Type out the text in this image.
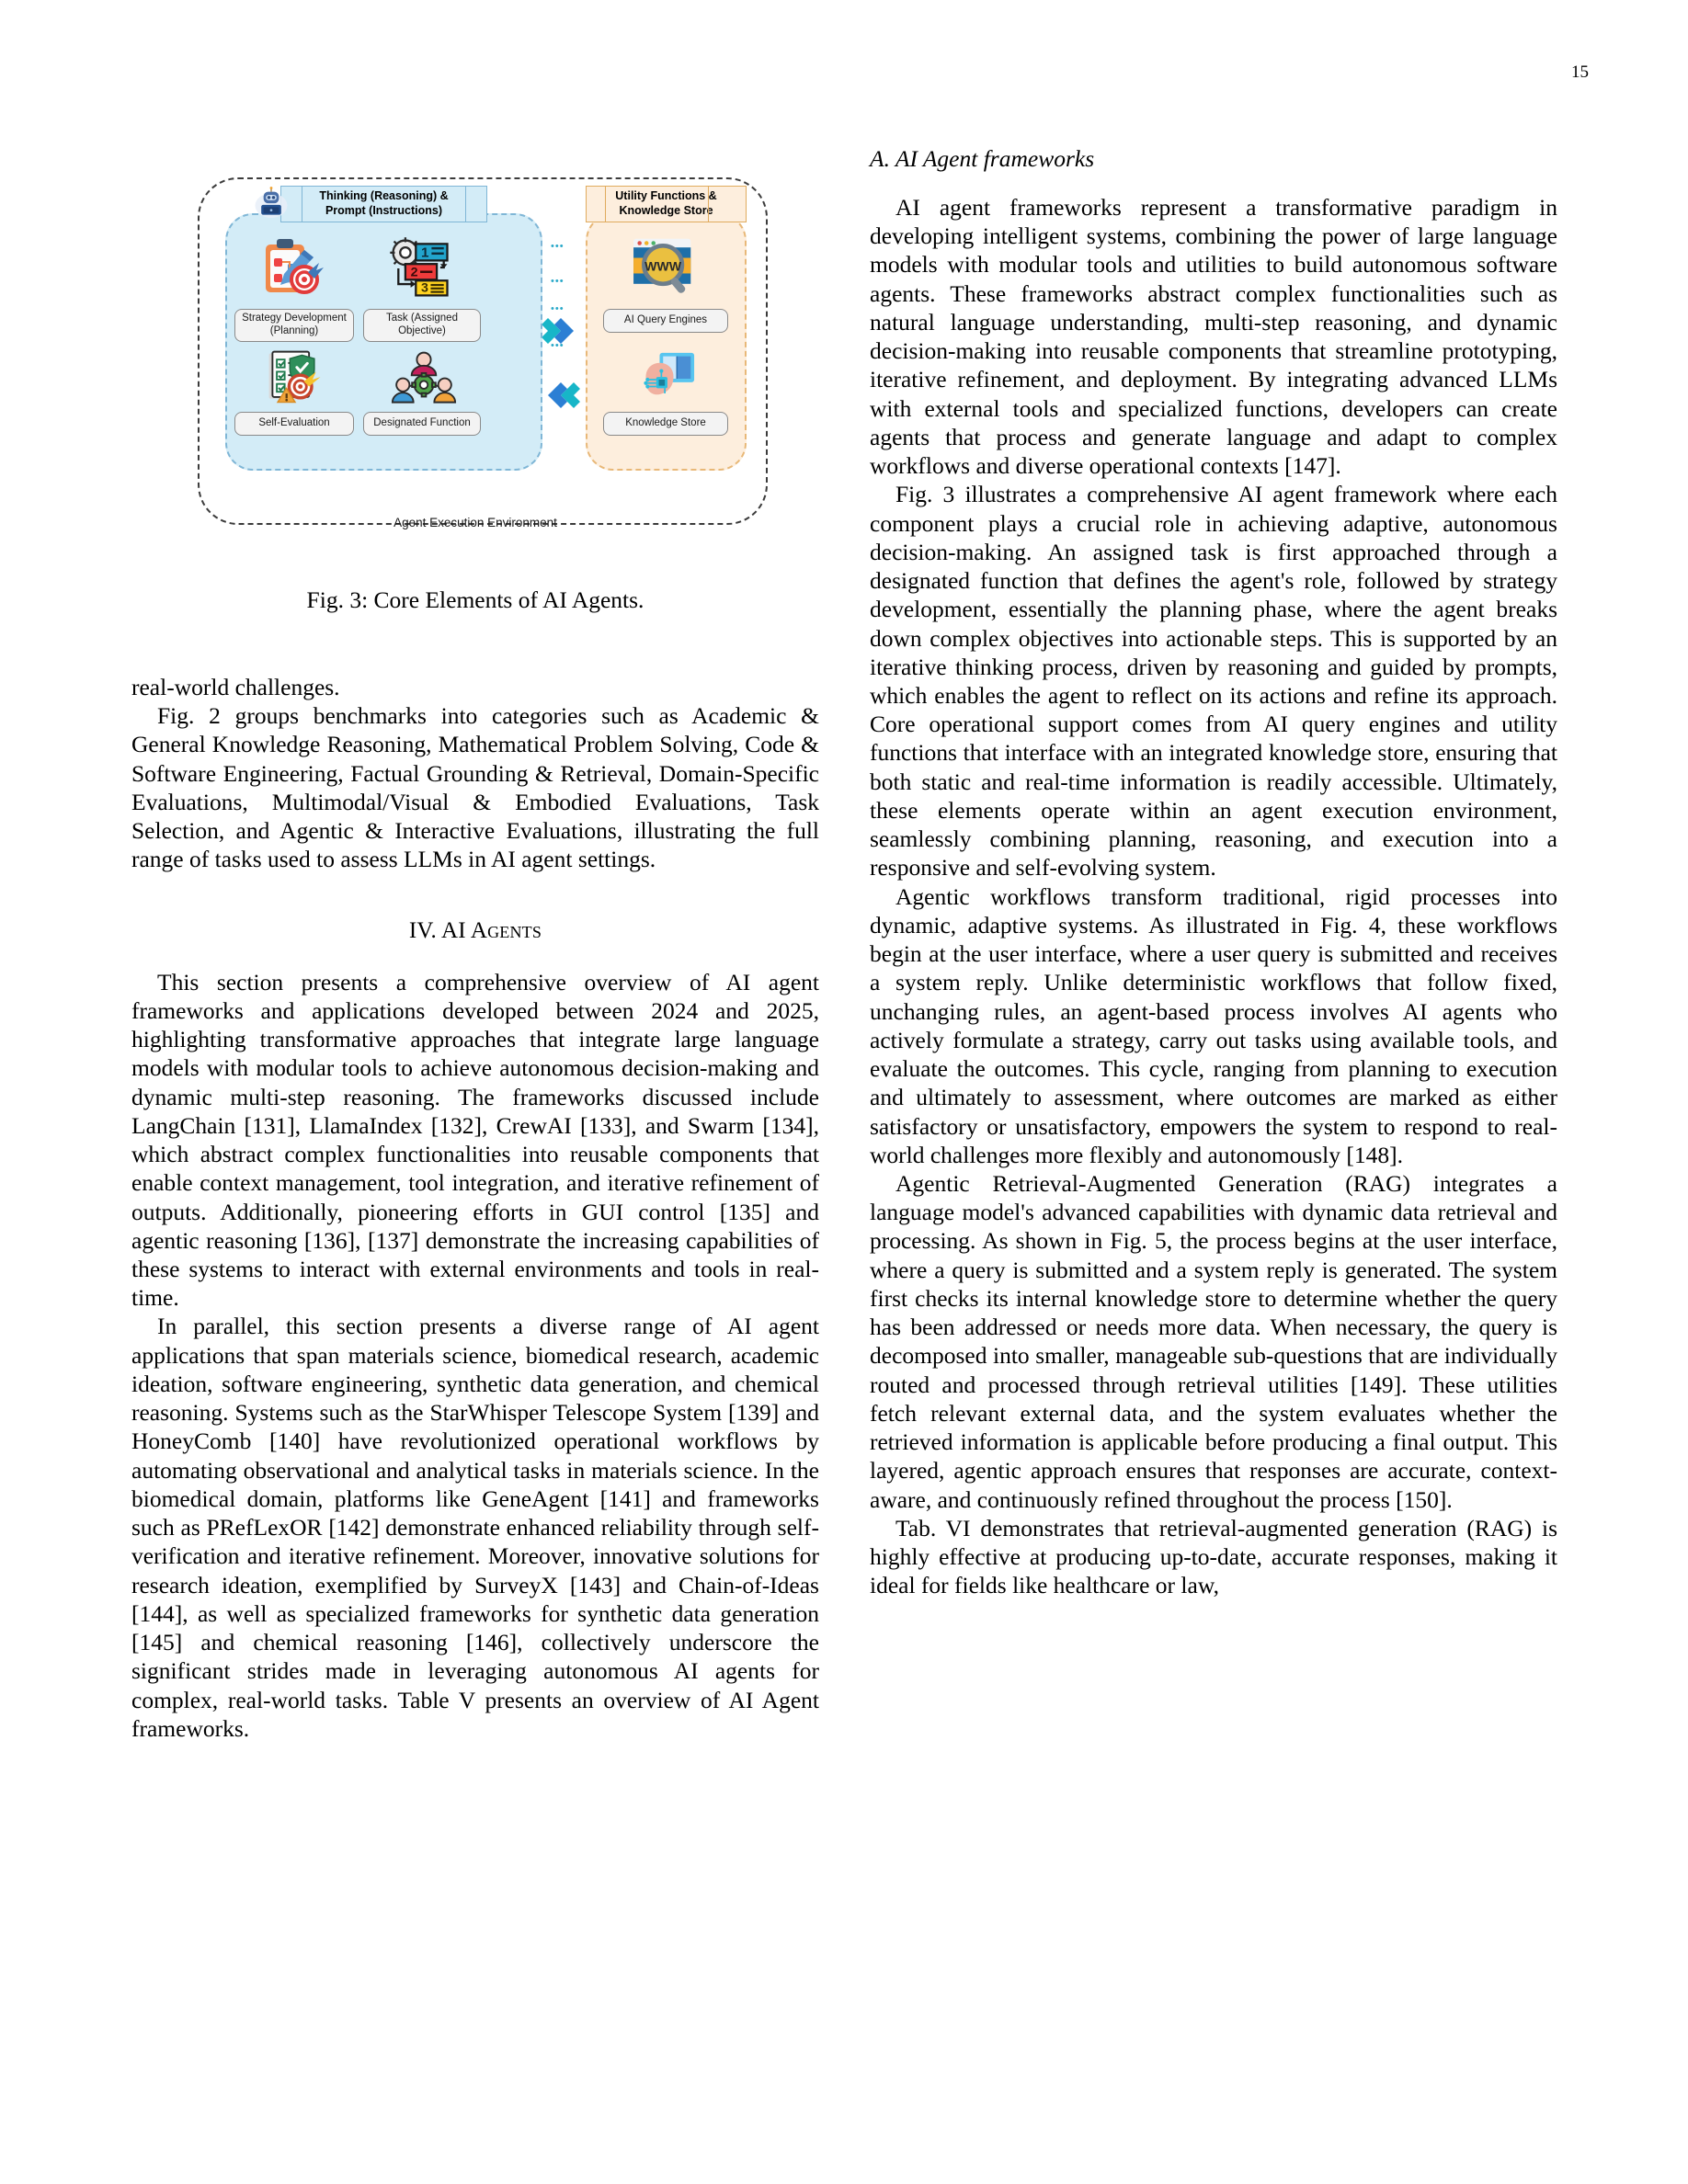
15
Agent Execution Environment
Thinking (Reasoning) &
Prompt (Instructions)
1
2
3
Strategy Development
(Planning)
Task (Assigned
Objective)
Self-Evaluation	Designated Function
•••
•••
•••
•••
Utility Functions &
Knowledge Store
WWW
AI Query Engines
Knowledge Store
Fig. 3: Core Elements of AI Agents.

real-world challenges.

Fig. 2 groups benchmarks into categories such as Academic & General Knowledge Reasoning, Mathematical Problem Solving, Code & Software Engineering, Factual Grounding & Retrieval, Domain-Specific Evaluations, Multimodal/Visual & Embodied Evaluations, Task Selection, and Agentic & Interactive Evaluations, illustrating the full range of tasks used to assess LLMs in AI agent settings.

IV. AI Agents

This section presents a comprehensive overview of AI agent frameworks and applications developed between 2024 and 2025, highlighting transformative approaches that integrate large language models with modular tools to achieve autonomous decision-making and dynamic multi-step reasoning. The frameworks discussed include LangChain [131], LlamaIndex [132], CrewAI [133], and Swarm [134], which abstract complex functionalities into reusable components that enable context management, tool integration, and iterative refinement of outputs. Additionally, pioneering efforts in GUI control [135] and agentic reasoning [136], [137] demonstrate the increasing capabilities of these systems to interact with external environments and tools in real-time.

In parallel, this section presents a diverse range of AI agent applications that span materials science, biomedical research, academic ideation, software engineering, synthetic data generation, and chemical reasoning. Systems such as the StarWhisper Telescope System [139] and HoneyComb [140] have revolutionized operational workflows by automating observational and analytical tasks in materials science. In the biomedical domain, platforms like GeneAgent [141] and frameworks such as PRefLexOR [142] demonstrate enhanced reliability through self-verification and iterative refinement. Moreover, innovative solutions for research ideation, exemplified by SurveyX [143] and Chain-of-Ideas [144], as well as specialized frameworks for synthetic data generation [145] and chemical reasoning [146], collectively underscore the significant strides made in leveraging autonomous AI agents for complex, real-world tasks. Table V presents an overview of AI Agent frameworks.

A. AI Agent frameworks

AI agent frameworks represent a transformative paradigm in developing intelligent systems, combining the power of large language models with modular tools and utilities to build autonomous software agents. These frameworks abstract complex functionalities such as natural language understanding, multi-step reasoning, and dynamic decision-making into reusable components that streamline prototyping, iterative refinement, and deployment. By integrating advanced LLMs with external tools and specialized functions, developers can create agents that process and generate language and adapt to complex workflows and diverse operational contexts [147].

Fig. 3 illustrates a comprehensive AI agent framework where each component plays a crucial role in achieving adaptive, autonomous decision-making. An assigned task is first approached through a designated function that defines the agent's role, followed by strategy development, essentially the planning phase, where the agent breaks down complex objectives into actionable steps. This is supported by an iterative thinking process, driven by reasoning and guided by prompts, which enables the agent to reflect on its actions and refine its approach. Core operational support comes from AI query engines and utility functions that interface with an integrated knowledge store, ensuring that both static and real-time information is readily accessible. Ultimately, these elements operate within an agent execution environment, seamlessly combining planning, reasoning, and execution into a responsive and self-evolving system.

Agentic workflows transform traditional, rigid processes into dynamic, adaptive systems. As illustrated in Fig. 4, these workflows begin at the user interface, where a user query is submitted and receives a system reply. Unlike deterministic workflows that follow fixed, unchanging rules, an agent-based process involves AI agents who actively formulate a strategy, carry out tasks using available tools, and evaluate the outcomes. This cycle, ranging from planning to execution and ultimately to assessment, where outcomes are marked as either satisfactory or unsatisfactory, empowers the system to respond to real-world challenges more flexibly and autonomously [148].

Agentic Retrieval-Augmented Generation (RAG) integrates a language model's advanced capabilities with dynamic data retrieval and processing. As shown in Fig. 5, the process begins at the user interface, where a query is submitted and a system reply is generated. The system first checks its internal knowledge store to determine whether the query has been addressed or needs more data. When necessary, the query is decomposed into smaller, manageable sub-questions that are individually routed and processed through retrieval utilities [149]. These utilities fetch relevant external data, and the system evaluates whether the retrieved information is applicable before producing a final output. This layered, agentic approach ensures that responses are accurate, context-aware, and continuously refined throughout the process [150].

Tab. VI demonstrates that retrieval-augmented generation (RAG) is highly effective at producing up-to-date, accurate responses, making it ideal for fields like healthcare or law,
